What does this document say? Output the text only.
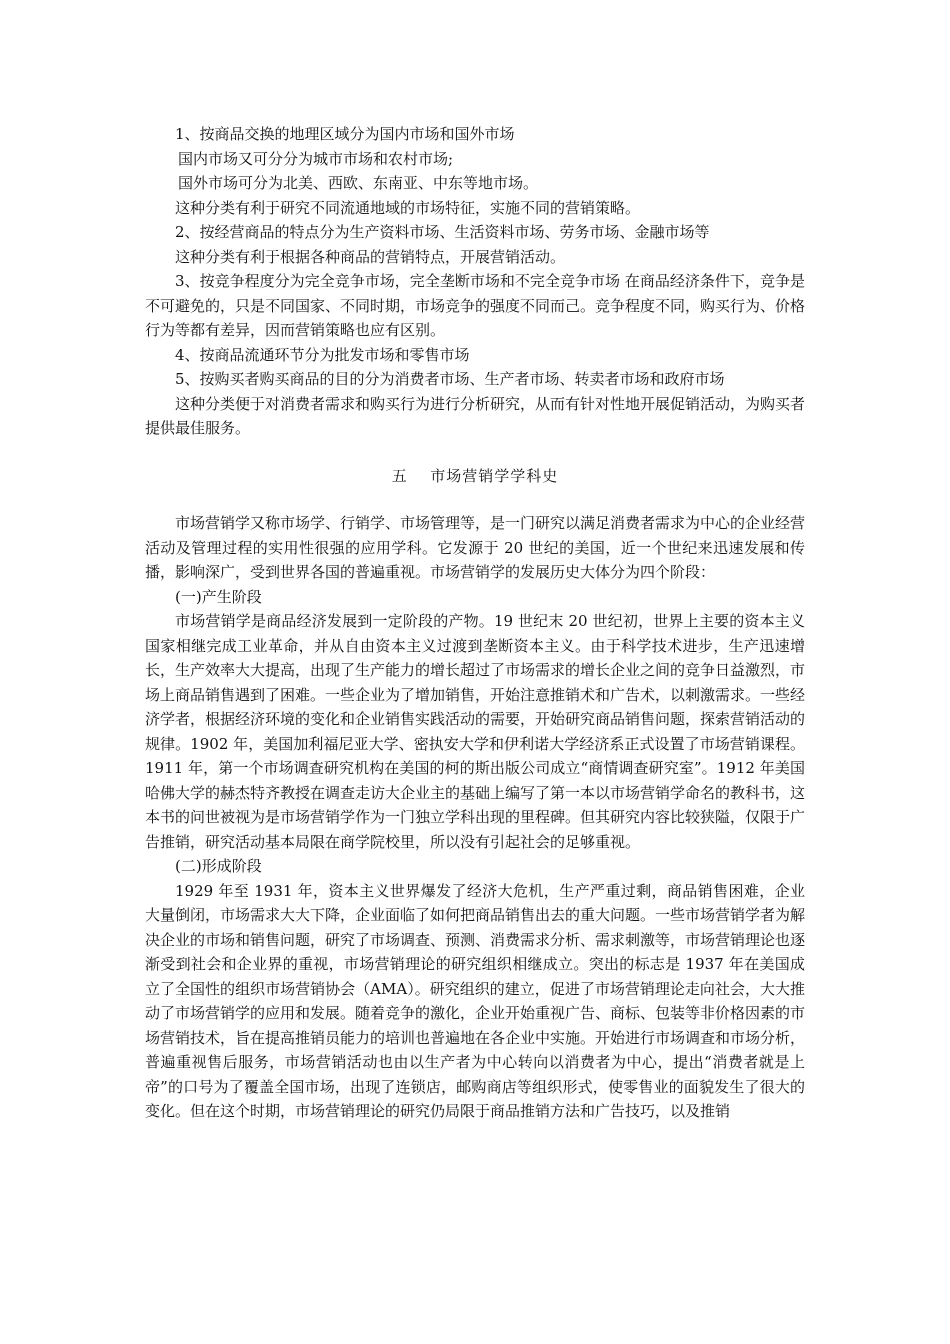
1、按商品交换的地理区域分为国内市场和国外市场

国内市场又可分分为城市市场和农村市场;

国外市场可分为北美、西欧、东南亚、中东等地市场。

这种分类有利于研究不同流通地域的市场特征，实施不同的营销策略。

2、按经营商品的特点分为生产资料市场、生活资料市场、劳务市场、金融市场等

这种分类有利于根据各种商品的营销特点，开展营销活动。

3、按竞争程度分为完全竞争市场，完全垄断市场和不完全竞争市场 在商品经济条件下，竞争是不可避免的，只是不同国家、不同时期，市场竞争的强度不同而己。竞争程度不同，购买行为、价格行为等都有差异，因而营销策略也应有区别。

4、按商品流通环节分为批发市场和零售市场

5、按购买者购买商品的目的分为消费者市场、生产者市场、转卖者市场和政府市场

这种分类便于对消费者需求和购买行为进行分析研究，从而有针对性地开展促销活动，为购买者提供最佳服务。

五 市场营销学学科史

市场营销学又称市场学、行销学、市场管理等，是一门研究以满足消费者需求为中心的企业经营活动及管理过程的实用性很强的应用学科。它发源于 20 世纪的美国，近一个世纪来迅速发展和传播，影响深广，受到世界各国的普遍重视。市场营销学的发展历史大体分为四个阶段：

(一)产生阶段

市场营销学是商品经济发展到一定阶段的产物。19 世纪末 20 世纪初，世界上主要的资本主义国家相继完成工业革命，并从自由资本主义过渡到垄断资本主义。由于科学技术进步，生产迅速增长，生产效率大大提高，出现了生产能力的增长超过了市场需求的增长企业之间的竞争日益激烈，市场上商品销售遇到了困难。一些企业为了增加销售，开始注意推销术和广告术，以刺激需求。一些经济学者，根据经济环境的变化和企业销售实践活动的需要，开始研究商品销售问题，探索营销活动的规律。1902 年，美国加利福尼亚大学、密执安大学和伊利诺大学经济系正式设置了市场营销课程。1911 年，第一个市场调查研究机构在美国的柯的斯出版公司成立“商情调查研究室”。1912 年美国哈佛大学的赫杰特齐教授在调查走访大企业主的基础上编写了第一本以市场营销学命名的教科书，这本书的问世被视为是市场营销学作为一门独立学科出现的里程碑。但其研究内容比较狭隘，仅限于广告推销，研究活动基本局限在商学院校里，所以没有引起社会的足够重视。

(二)形成阶段

1929 年至 1931 年，资本主义世界爆发了经济大危机，生产严重过剩，商品销售困难，企业大量倒闭，市场需求大大下降，企业面临了如何把商品销售出去的重大问题。一些市场营销学者为解决企业的市场和销售问题，研究了市场调查、预测、消费需求分析、需求刺激等，市场营销理论也逐渐受到社会和企业界的重视，市场营销理论的研究组织相继成立。突出的标志是 1937 年在美国成立了全国性的组织市场营销协会（AMA）。研究组织的建立，促进了市场营销理论走向社会，大大推动了市场营销学的应用和发展。随着竞争的激化，企业开始重视广告、商标、包装等非价格因素的市场营销技术，旨在提高推销员能力的培训也普遍地在各企业中实施。开始进行市场调查和市场分析，普遍重视售后服务，市场营销活动也由以生产者为中心转向以消费者为中心，提出“消费者就是上帝”的口号为了覆盖全国市场，出现了连锁店，邮购商店等组织形式，使零售业的面貌发生了很大的变化。但在这个时期，市场营销理论的研究仍局限于商品推销方法和广告技巧，以及推销
